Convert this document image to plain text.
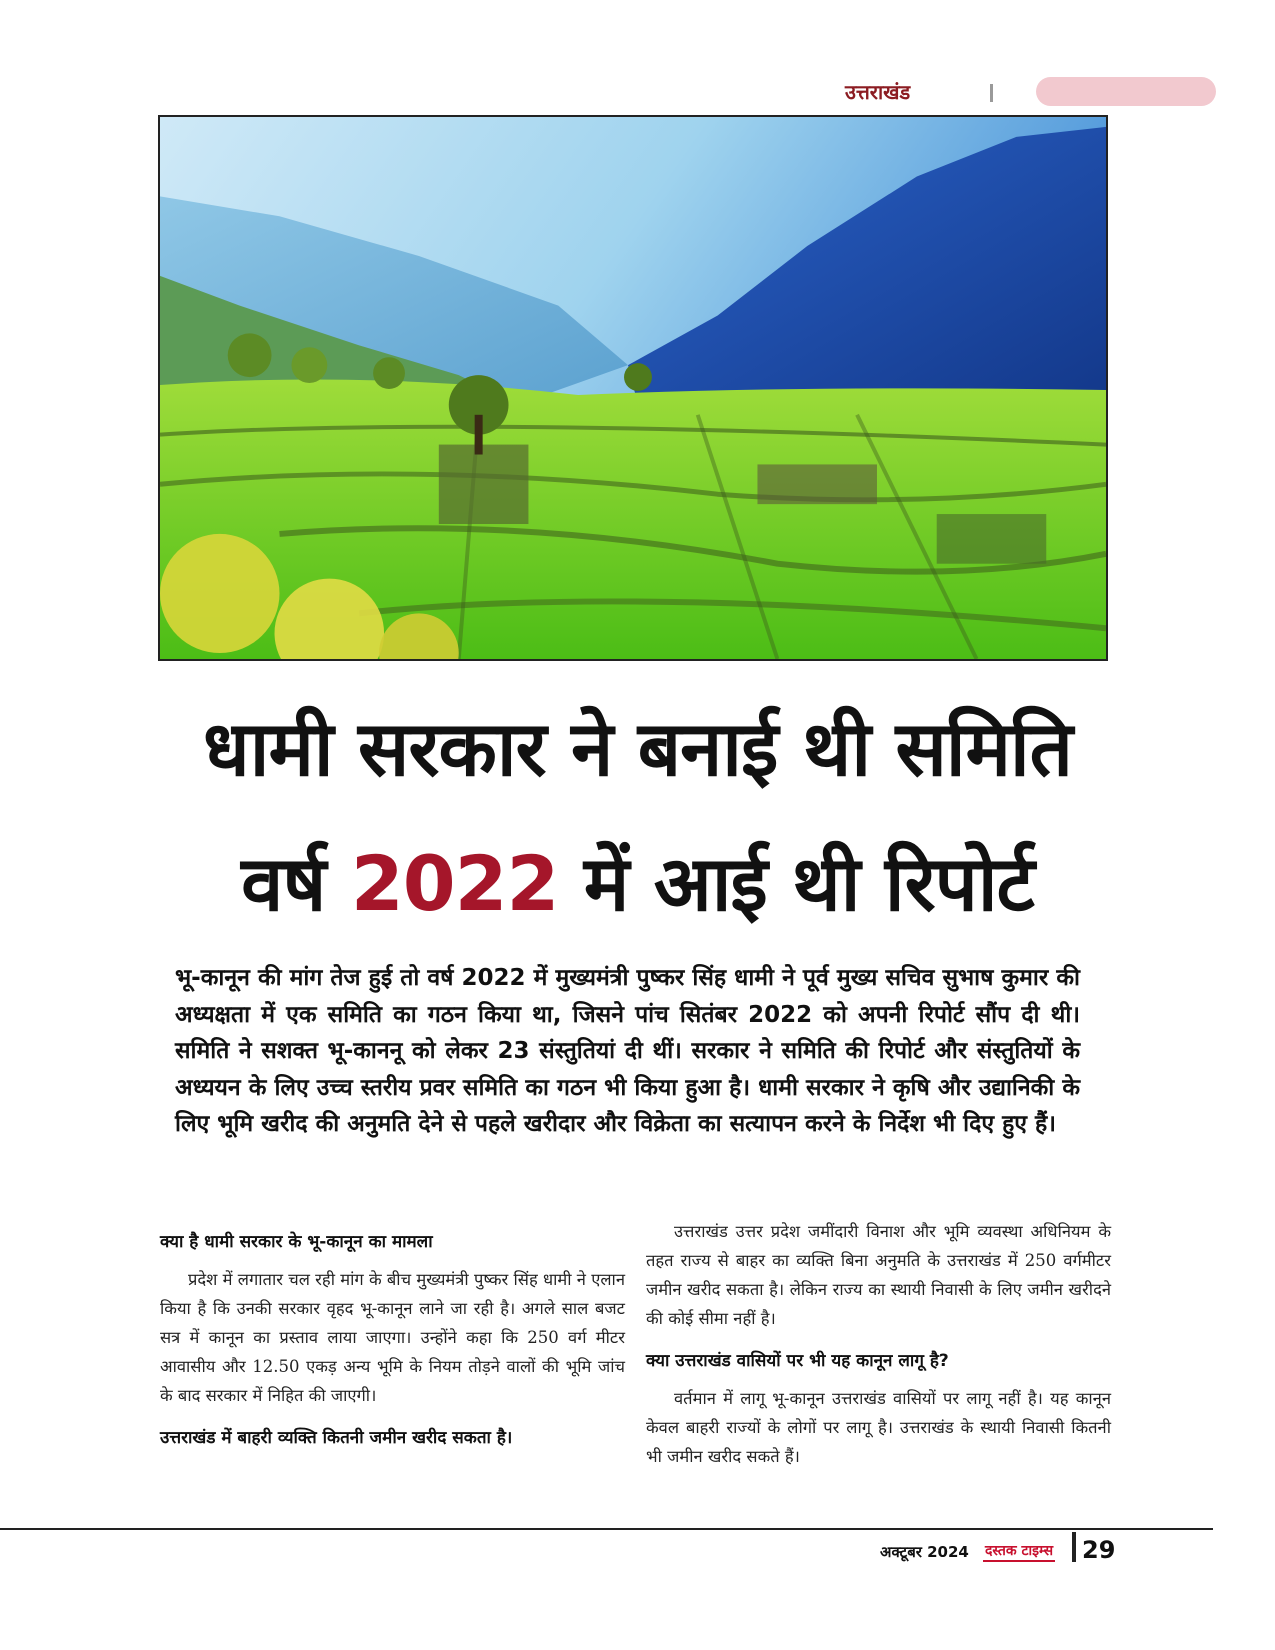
उत्तराखंड
धामी सरकार ने बनाई थी समिति
वर्ष 2022 में आई थी रिपोर्ट
भू-कानून की मांग तेज हुई तो वर्ष 2022 में मुख्यमंत्री पुष्कर सिंह धामी ने पूर्व मुख्य सचिव सुभाष कुमार की अध्यक्षता में एक समिति का गठन किया था, जिसने पांच सितंबर 2022 को अपनी रिपोर्ट सौंप दी थी। समिति ने सशक्त भू-काननू को लेकर 23 संस्तुतियां दी थीं। सरकार ने समिति की रिपोर्ट और संस्तुतियों के अध्ययन के लिए उच्च स्तरीय प्रवर समिति का गठन भी किया हुआ है। धामी सरकार ने कृषि और उद्यानिकी के लिए भूमि खरीद की अनुमति देने से पहले खरीदार और विक्रेता का सत्यापन करने के निर्देश भी दिए हुए हैं।
क्या है धामी सरकार के भू-कानून का मामला
प्रदेश में लगातार चल रही मांग के बीच मुख्यमंत्री पुष्कर सिंह धामी ने एलान किया है कि उनकी सरकार वृहद भू-कानून लाने जा रही है। अगले साल बजट सत्र में कानून का प्रस्ताव लाया जाएगा। उन्होंने कहा कि 250 वर्ग मीटर आवासीय और 12.50 एकड़ अन्य भूमि के नियम तोड़ने वालों की भूमि जांच के बाद सरकार में निहित की जाएगी।
उत्तराखंड में बाहरी व्यक्ति कितनी जमीन खरीद सकता है।
उत्तराखंड उत्तर प्रदेश जमींदारी विनाश और भूमि व्यवस्था अधिनियम के तहत राज्य से बाहर का व्यक्ति बिना अनुमति के उत्तराखंड में 250 वर्गमीटर जमीन खरीद सकता है। लेकिन राज्य का स्थायी निवासी के लिए जमीन खरीदने की कोई सीमा नहीं है।
क्या उत्तराखंड वासियों पर भी यह कानून लागू है?
वर्तमान में लागू भू-कानून उत्तराखंड वासियों पर लागू नहीं है। यह कानून केवल बाहरी राज्यों के लोगों पर लागू है। उत्तराखंड के स्थायी निवासी कितनी भी जमीन खरीद सकते हैं।
अक्टूबर 2024 दस्तक टाइम्स 29
